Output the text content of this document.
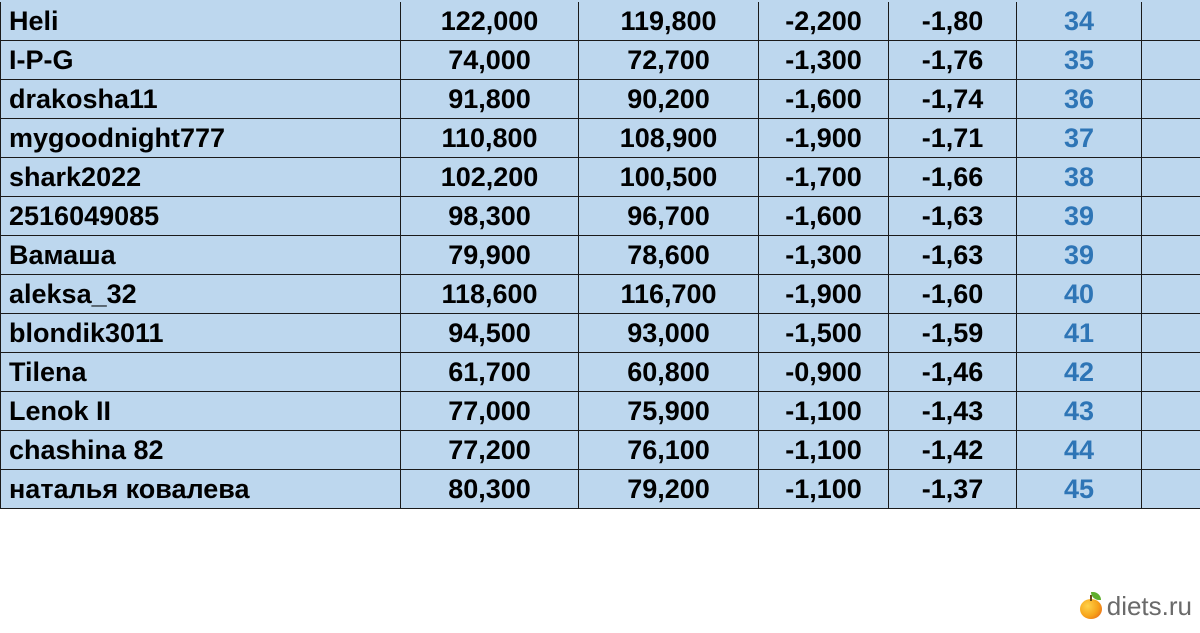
Heli	122,000	119,800	-2,200	-1,80	34	
I-P-G	74,000	72,700	-1,300	-1,76	35	
drakosha11	91,800	90,200	-1,600	-1,74	36	
mygoodnight777	110,800	108,900	-1,900	-1,71	37	
shark2022	102,200	100,500	-1,700	-1,66	38	
2516049085	98,300	96,700	-1,600	-1,63	39	
Вамаша	79,900	78,600	-1,300	-1,63	39	
aleksa_32	118,600	116,700	-1,900	-1,60	40	
blondik3011	94,500	93,000	-1,500	-1,59	41	
Tilena	61,700	60,800	-0,900	-1,46	42	
Lenok II	77,000	75,900	-1,100	-1,43	43	
chashina 82	77,200	76,100	-1,100	-1,42	44	
наталья ковалева	80,300	79,200	-1,100	-1,37	45	
diets.ru
